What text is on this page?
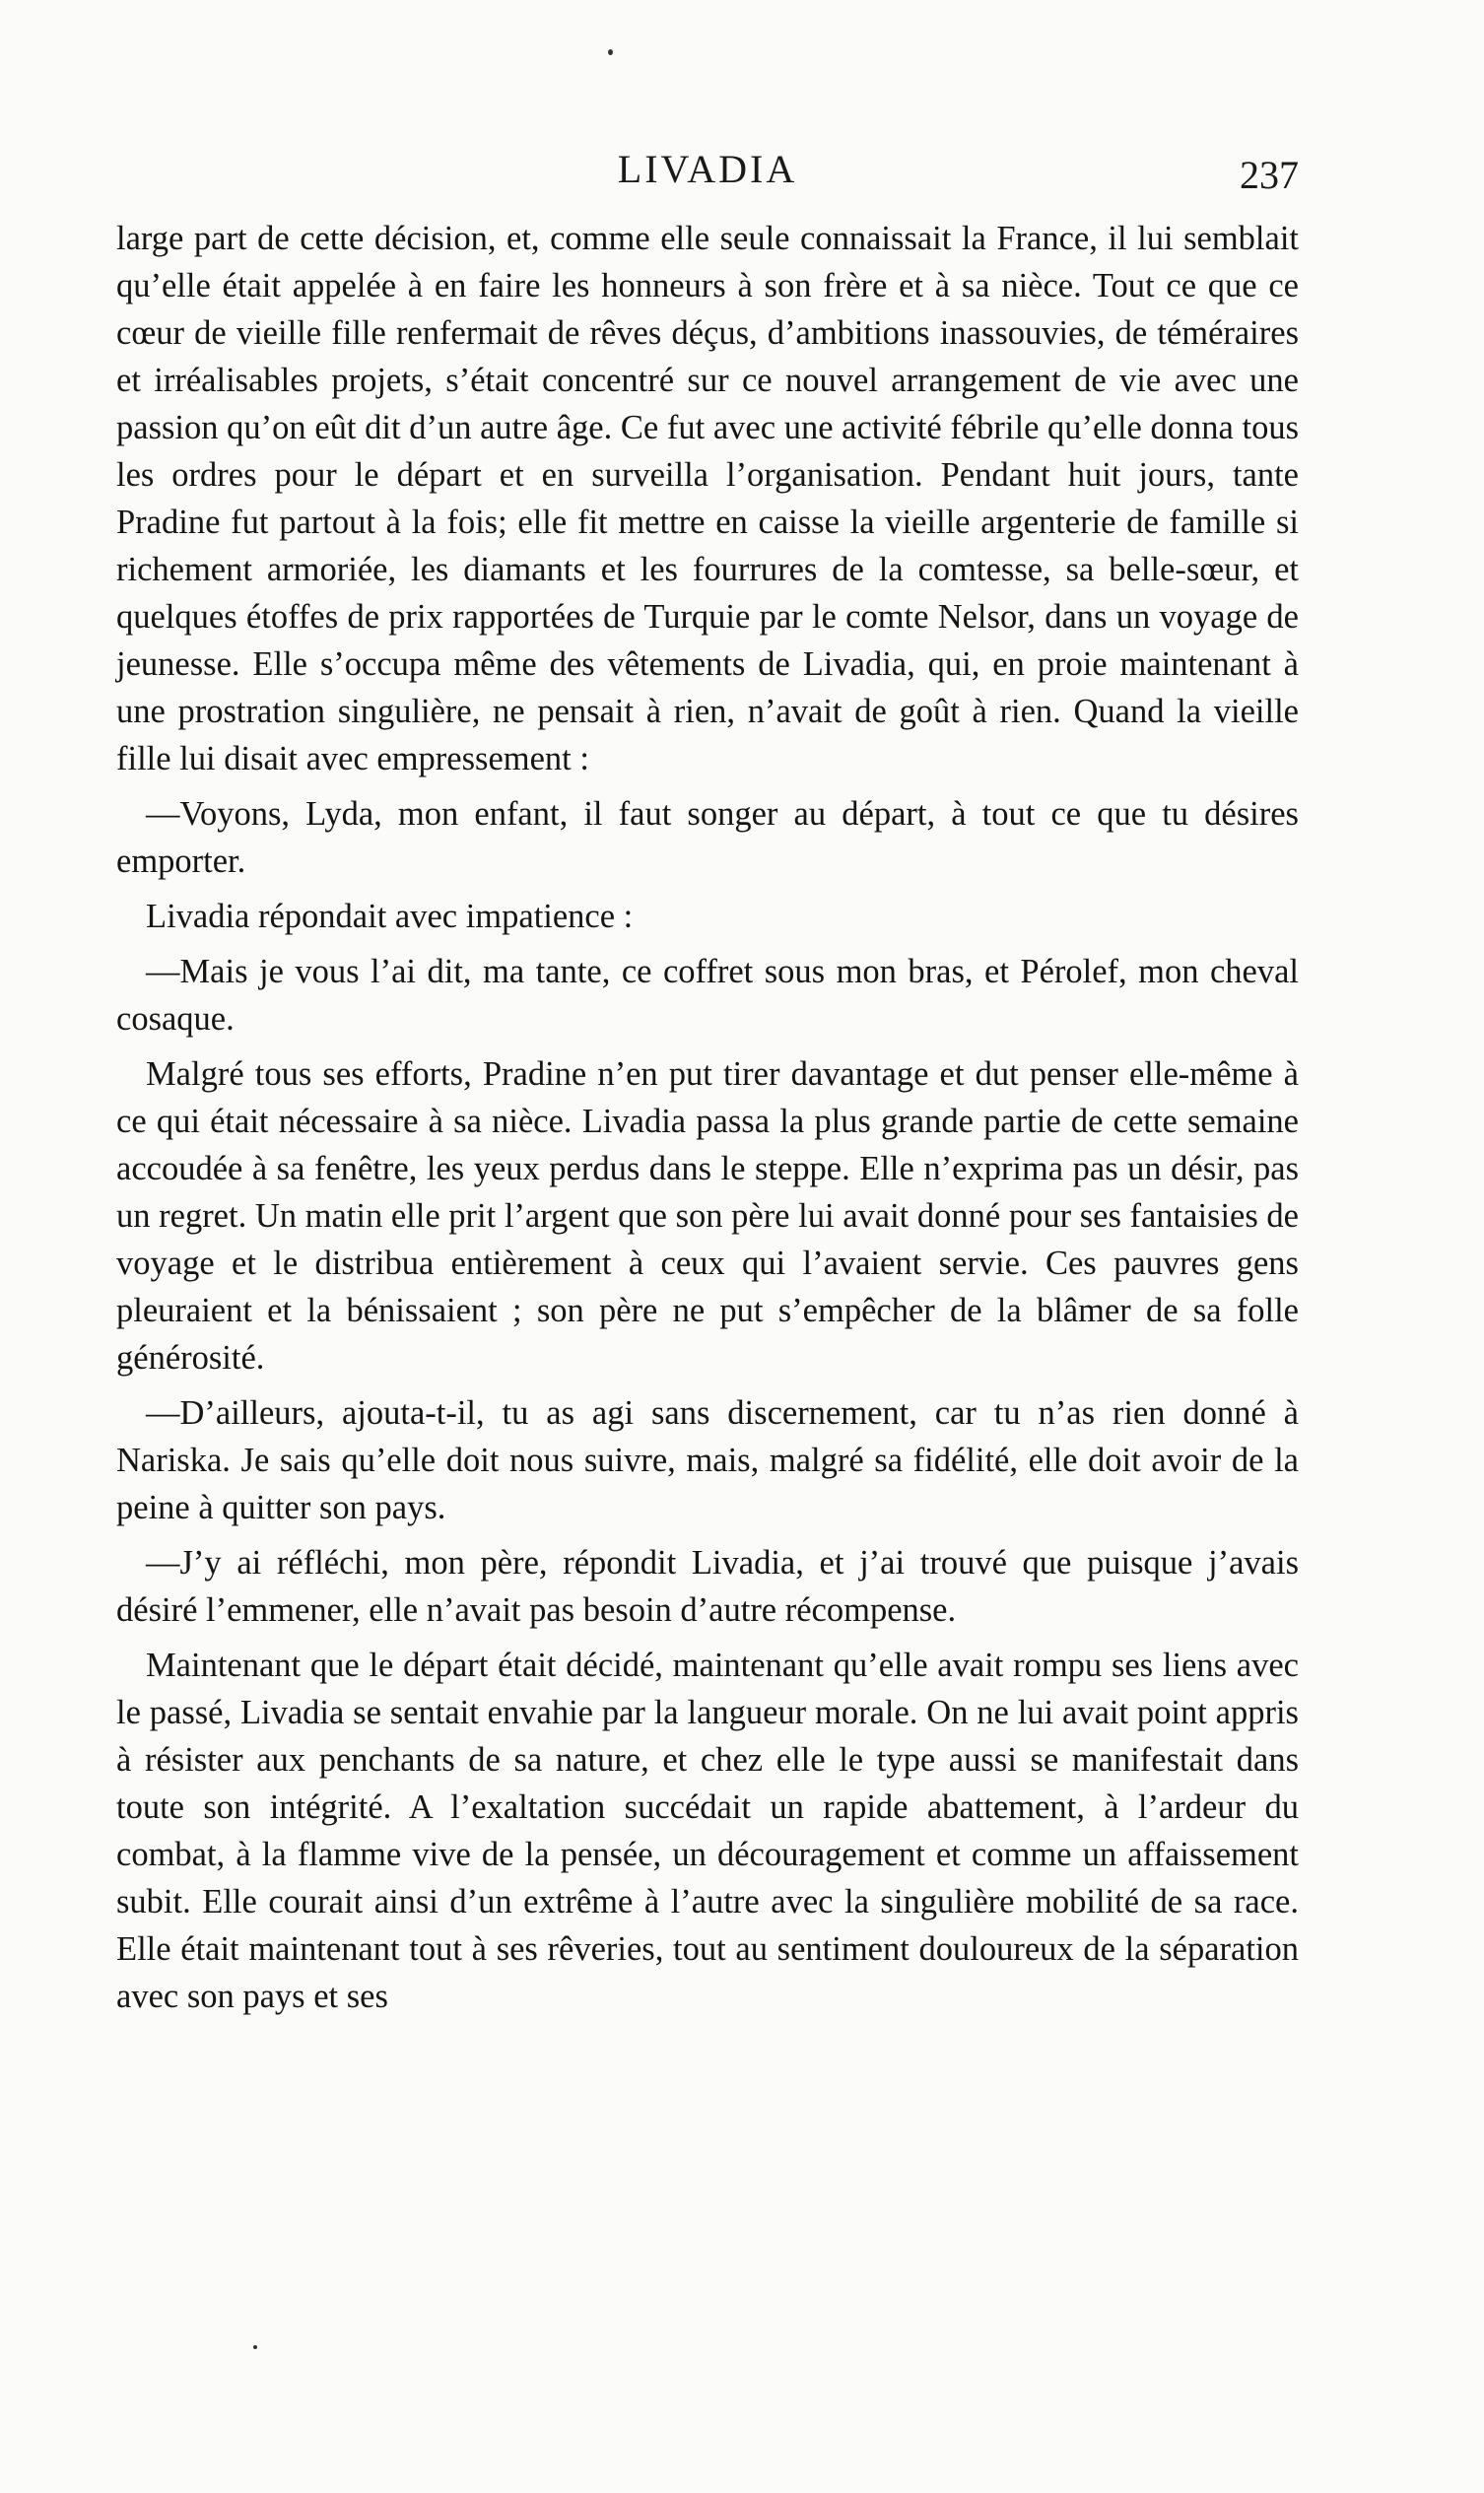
LIVADIA	237

large part de cette décision, et, comme elle seule connaissait la France, il lui semblait qu’elle était appelée à en faire les honneurs à son frère et à sa nièce. Tout ce que ce cœur de vieille fille renfermait de rêves déçus, d’ambitions inassouvies, de téméraires et irréalisables projets, s’était concentré sur ce nouvel arrangement de vie avec une passion qu’on eût dit d’un autre âge. Ce fut avec une activité fébrile qu’elle donna tous les ordres pour le départ et en surveilla l’organisation. Pendant huit jours, tante Pradine fut partout à la fois; elle fit mettre en caisse la vieille argenterie de famille si richement armoriée, les diamants et les fourrures de la comtesse, sa belle-sœur, et quelques étoffes de prix rapportées de Turquie par le comte Nelsor, dans un voyage de jeunesse. Elle s’occupa même des vêtements de Livadia, qui, en proie maintenant à une prostration singulière, ne pensait à rien, n’avait de goût à rien. Quand la vieille fille lui disait avec empressement :

—Voyons, Lyda, mon enfant, il faut songer au départ, à tout ce que tu désires emporter.

Livadia répondait avec impatience :

—Mais je vous l’ai dit, ma tante, ce coffret sous mon bras, et Pérolef, mon cheval cosaque.

Malgré tous ses efforts, Pradine n’en put tirer davantage et dut penser elle-même à ce qui était nécessaire à sa nièce. Livadia passa la plus grande partie de cette semaine accoudée à sa fenêtre, les yeux perdus dans le steppe. Elle n’exprima pas un désir, pas un regret. Un matin elle prit l’argent que son père lui avait donné pour ses fantaisies de voyage et le distribua entièrement à ceux qui l’avaient servie. Ces pauvres gens pleuraient et la bénissaient ; son père ne put s’empêcher de la blâmer de sa folle générosité.

—D’ailleurs, ajouta-t-il, tu as agi sans discernement, car tu n’as rien donné à Nariska. Je sais qu’elle doit nous suivre, mais, malgré sa fidélité, elle doit avoir de la peine à quitter son pays.

—J’y ai réfléchi, mon père, répondit Livadia, et j’ai trouvé que puisque j’avais désiré l’emmener, elle n’avait pas besoin d’autre récompense.

Maintenant que le départ était décidé, maintenant qu’elle avait rompu ses liens avec le passé, Livadia se sentait envahie par la langueur morale. On ne lui avait point appris à résister aux penchants de sa nature, et chez elle le type aussi se manifestait dans toute son intégrité. A l’exaltation succédait un rapide abattement, à l’ardeur du combat, à la flamme vive de la pensée, un découragement et comme un affaissement subit. Elle courait ainsi d’un extrême à l’autre avec la singulière mobilité de sa race. Elle était maintenant tout à ses rêveries, tout au sentiment douloureux de la séparation avec son pays et ses
